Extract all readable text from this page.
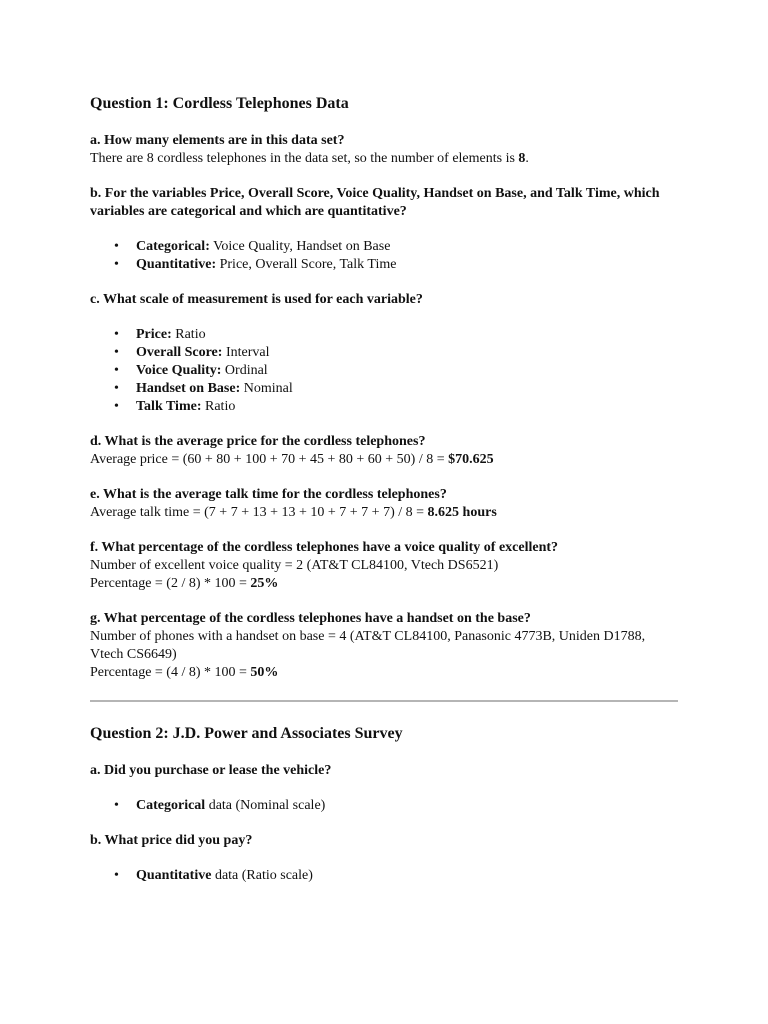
Question 1: Cordless Telephones Data

a. How many elements are in this data set?

There are 8 cordless telephones in the data set, so the number of elements is 8.

b. For the variables Price, Overall Score, Voice Quality, Handset on Base, and Talk Time, which variables are categorical and which are quantitative?

• Categorical: Voice Quality, Handset on Base
• Quantitative: Price, Overall Score, Talk Time

c. What scale of measurement is used for each variable?

• Price: Ratio
• Overall Score: Interval
• Voice Quality: Ordinal
• Handset on Base: Nominal
• Talk Time: Ratio

d. What is the average price for the cordless telephones?

Average price = (60 + 80 + 100 + 70 + 45 + 80 + 60 + 50) / 8 = $70.625

e. What is the average talk time for the cordless telephones?

Average talk time = (7 + 7 + 13 + 13 + 10 + 7 + 7 + 7) / 8 = 8.625 hours

f. What percentage of the cordless telephones have a voice quality of excellent?

Number of excellent voice quality = 2 (AT&T CL84100, Vtech DS6521)

Percentage = (2 / 8) * 100 = 25%

g. What percentage of the cordless telephones have a handset on the base?

Number of phones with a handset on base = 4 (AT&T CL84100, Panasonic 4773B, Uniden D1788, Vtech CS6649)

Percentage = (4 / 8) * 100 = 50%

Question 2: J.D. Power and Associates Survey

a. Did you purchase or lease the vehicle?

• Categorical data (Nominal scale)

b. What price did you pay?

• Quantitative data (Ratio scale)
